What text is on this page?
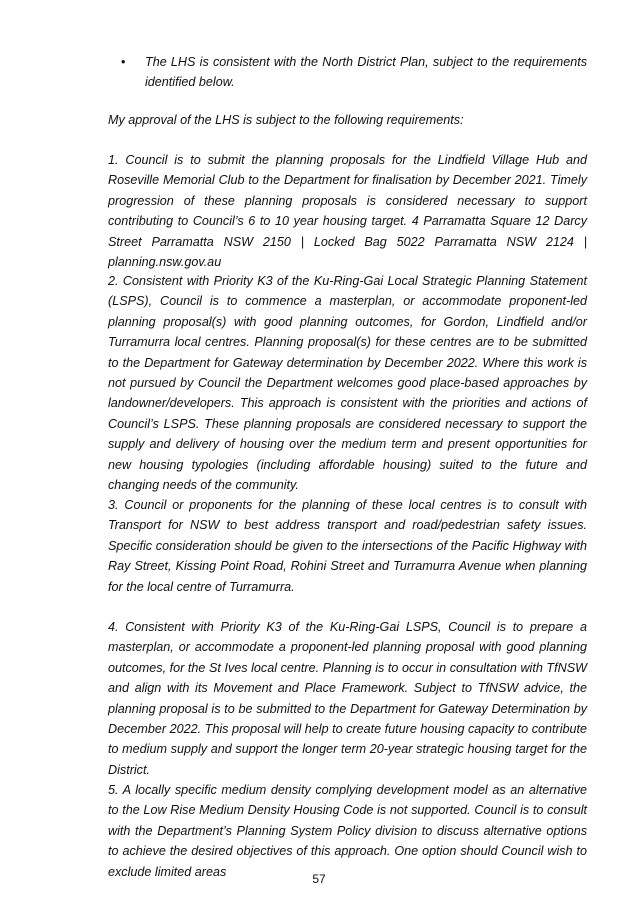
• The LHS is consistent with the North District Plan, subject to the requirements identified below.

My approval of the LHS is subject to the following requirements:

1. Council is to submit the planning proposals for the Lindfield Village Hub and Roseville Memorial Club to the Department for finalisation by December 2021. Timely progression of these planning proposals is considered necessary to support contributing to Council’s 6 to 10 year housing target. 4 Parramatta Square 12 Darcy Street Parramatta NSW 2150 | Locked Bag 5022 Parramatta NSW 2124 | planning.nsw.gov.au

2. Consistent with Priority K3 of the Ku-Ring-Gai Local Strategic Planning Statement (LSPS), Council is to commence a masterplan, or accommodate proponent-led planning proposal(s) with good planning outcomes, for Gordon, Lindfield and/or Turramurra local centres. Planning proposal(s) for these centres are to be submitted to the Department for Gateway determination by December 2022. Where this work is not pursued by Council the Department welcomes good place-based approaches by landowner/developers. This approach is consistent with the priorities and actions of Council’s LSPS. These planning proposals are considered necessary to support the supply and delivery of housing over the medium term and present opportunities for new housing typologies (including affordable housing) suited to the future and changing needs of the community.

3. Council or proponents for the planning of these local centres is to consult with Transport for NSW to best address transport and road/pedestrian safety issues. Specific consideration should be given to the intersections of the Pacific Highway with Ray Street, Kissing Point Road, Rohini Street and Turramurra Avenue when planning for the local centre of Turramurra.

4. Consistent with Priority K3 of the Ku-Ring-Gai LSPS, Council is to prepare a masterplan, or accommodate a proponent-led planning proposal with good planning outcomes, for the St Ives local centre. Planning is to occur in consultation with TfNSW and align with its Movement and Place Framework. Subject to TfNSW advice, the planning proposal is to be submitted to the Department for Gateway Determination by December 2022. This proposal will help to create future housing capacity to contribute to medium supply and support the longer term 20-year strategic housing target for the District.

5. A locally specific medium density complying development model as an alternative to the Low Rise Medium Density Housing Code is not supported. Council is to consult with the Department’s Planning System Policy division to discuss alternative options to achieve the desired objectives of this approach. One option should Council wish to exclude limited areas

57
